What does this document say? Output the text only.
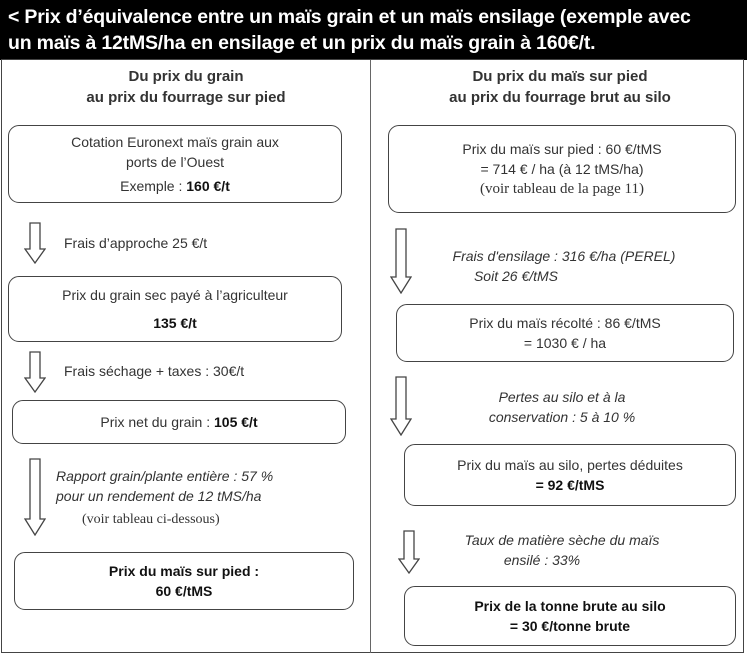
< Prix d’équivalence entre un maïs grain et un maïs ensilage (exemple avec
un maïs à 12tMS/ha en ensilage et un prix du maïs grain à 160€/t.
Du prix du grain
au prix du fourrage sur pied
Cotation Euronext maïs grain aux
ports de l’Ouest
Exemple : 160 €/t
Frais d’approche 25 €/t
Prix du grain sec payé à l’agriculteur
135 €/t
Frais séchage + taxes : 30€/t
Prix net du grain : 105 €/t
Rapport grain/plante entière : 57 %
pour un rendement de 12 tMS/ha
(voir tableau ci-dessous)
Prix du maïs sur pied :
60 €/tMS
Du prix du maïs sur pied
au prix du fourrage brut au silo
Prix du maïs sur pied : 60 €/tMS
= 714 € / ha (à 12 tMS/ha)
(voir tableau de la page 11)
Frais d'ensilage : 316 €/ha (PEREL)
Soit 26 €/tMS
Prix du maïs récolté : 86 €/tMS
= 1030 € / ha
Pertes au silo et à la
conservation : 5 à 10 %
Prix du maïs au silo, pertes déduites
= 92 €/tMS
Taux de matière sèche du maïs
ensilé : 33%
Prix de la tonne brute au silo
= 30 €/tonne brute
